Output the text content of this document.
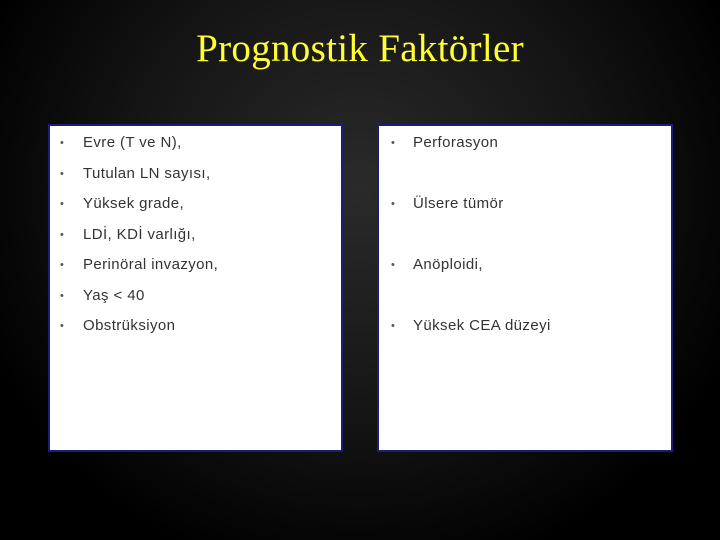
Prognostik Faktörler
• Evre (T ve N),
• Tutulan LN sayısı,
• Yüksek grade,
• LDİ, KDİ varlığı,
• Perinöral invazyon,
• Yaş < 40
• Obstrüksiyon
• Perforasyon
• Ülsere tümör
• Anöploidi,
• Yüksek CEA düzeyi
